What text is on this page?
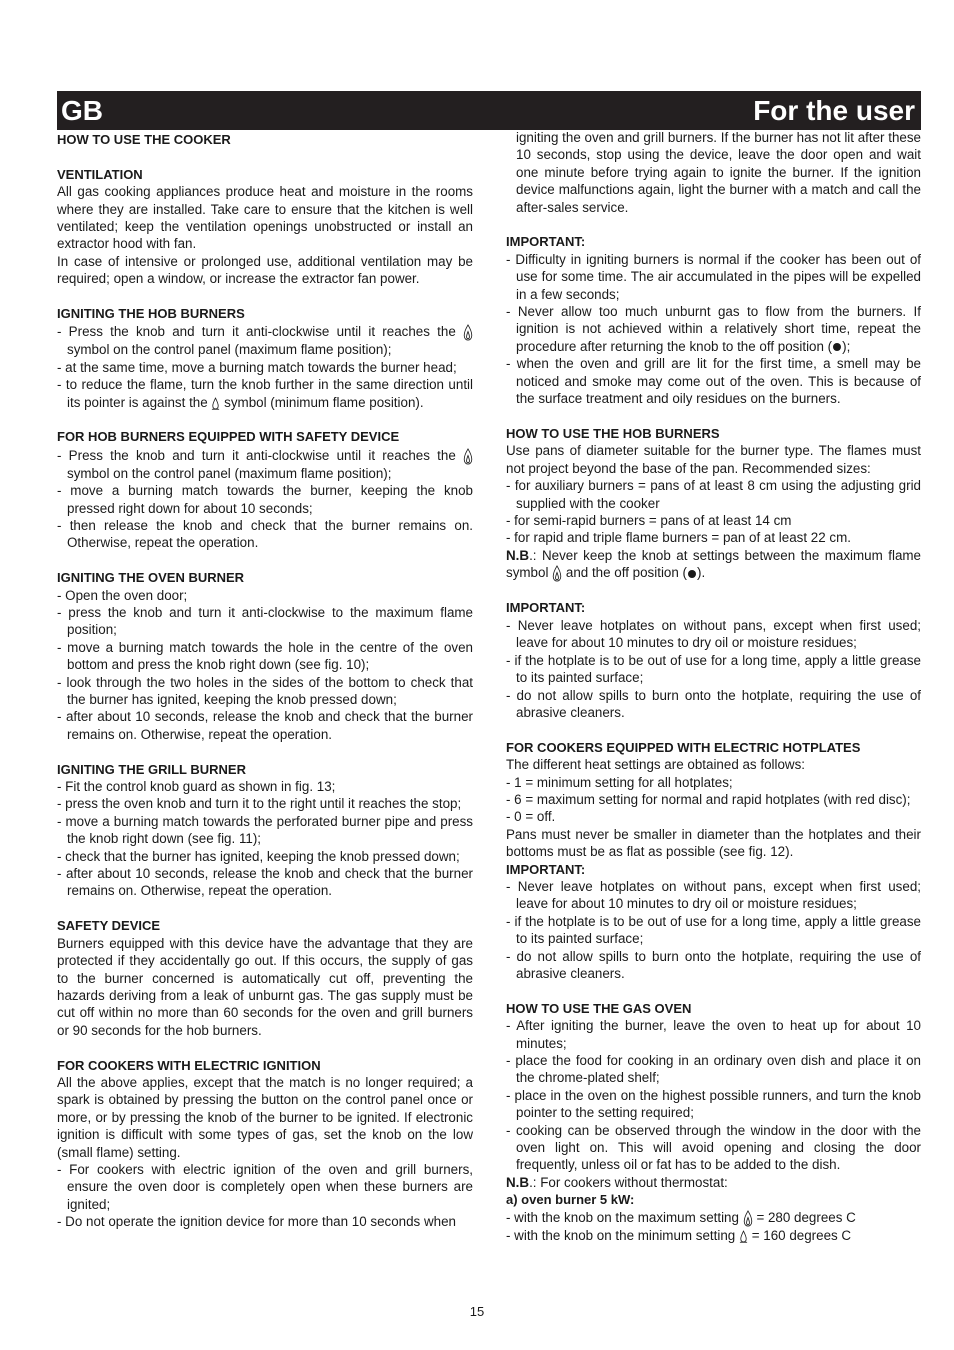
GB	For the user
HOW TO USE THE COOKER
VENTILATION

All gas cooking appliances produce heat and moisture in the rooms where they are installed. Take care to ensure that the kitchen is well ventilated; keep the ventilation openings unobstructed or install an extractor hood with fan.

In case of intensive or prolonged use, additional ventilation may be required; open a window, or increase the extractor fan power.

IGNITING THE HOB BURNERS
- Press the knob and turn it anti-clockwise until it reaches the  symbol on the control panel (maximum flame position);
- at the same time, move a burning match towards the burner head;
- to reduce the flame, turn the knob further in the same direction until its pointer is against the symbol (minimum flame position).
FOR HOB BURNERS EQUIPPED WITH SAFETY DEVICE
- Press the knob and turn it anti-clockwise until it reaches the  symbol on the control panel (maximum flame position);
- move a burning match towards the burner, keeping the knob pressed right down for about 10 seconds;
- then release the knob and check that the burner remains on. Otherwise, repeat the operation.
IGNITING THE OVEN BURNER
- Open the oven door;
- press the knob and turn it anti-clockwise to the maximum flame position;
- move a burning match towards the hole in the centre of the oven bottom and press the knob right down (see fig. 10);
- look through the two holes in the sides of the bottom to check that the burner has ignited, keeping the knob pressed down;
- after about 10 seconds, release the knob and check that the burner remains on. Otherwise, repeat the operation.
IGNITING THE GRILL BURNER
- Fit the control knob guard as shown in fig. 13;
- press the oven knob and turn it to the right until it reaches the stop;
- move a burning match towards the perforated burner pipe and press the knob right down (see fig. 11);
- check that the burner has ignited, keeping the knob pressed down;
- after about 10 seconds, release the knob and check that the burner remains on. Otherwise, repeat the operation.
SAFETY DEVICE

Burners equipped with this device have the advantage that they are protected if they accidentally go out. If this occurs, the supply of gas to the burner concerned is automatically cut off, preventing the hazards deriving from a leak of unburnt gas. The gas supply must be cut off within no more than 60 seconds for the oven and grill burners or 90 seconds for the hob burners.

FOR COOKERS WITH ELECTRIC IGNITION

All the above applies, except that the match is no longer required; a spark is obtained by pressing the button on the control panel once or more, or by pressing the knob of the burner to be ignited. If electronic ignition is difficult with some types of gas, set the knob on the low (small flame) setting.

- For cookers with electric ignition of the oven and grill burners, ensure the oven door is completely open when these burners are ignited;
- Do not operate the ignition device for more than 10 seconds when

igniting the oven and grill burners. If the burner has not lit after these 10 seconds, stop using the device, leave the door open and wait one minute before trying again to ignite the burner. If the ignition device malfunctions again, light the burner with a match and call the after-sales service.

IMPORTANT:
- Difficulty in igniting burners is normal if the cooker has been out of use for some time. The air accumulated in the pipes will be expelled in a few seconds;
- Never allow too much unburnt gas to flow from the burners. If ignition is not achieved within a relatively short time, repeat the procedure after returning the knob to the off position ( );
- when the oven and grill are lit for the first time, a smell may be noticed and smoke may come out of the oven. This is because of the surface treatment and oily residues on the burners.
HOW TO USE THE HOB BURNERS

Use pans of diameter suitable for the burner type. The flames must not project beyond the base of the pan. Recommended sizes:

- for auxiliary burners = pans of at least 8 cm using the adjusting grid supplied with the cooker
- for semi-rapid burners = pans of at least 14 cm
- for rapid and triple flame burners = pan of at least 22 cm.

N.B.: Never keep the knob at settings between the maximum flame symbol and the off position ( ).

IMPORTANT:
- Never leave hotplates on without pans, except when first used; leave for about 10 minutes to dry oil or moisture residues;
- if the hotplate is to be out of use for a long time, apply a little grease to its painted surface;
- do not allow spills to burn onto the hotplate, requiring the use of abrasive cleaners.
FOR COOKERS EQUIPPED WITH ELECTRIC HOTPLATES

The different heat settings are obtained as follows:

- 1 = minimum setting for all hotplates;
- 6 = maximum setting for normal and rapid hotplates (with red disc);
- 0 = off.

Pans must never be smaller in diameter than the hotplates and their bottoms must be as flat as possible (see fig. 12).

IMPORTANT:
- Never leave hotplates on without pans, except when first used; leave for about 10 minutes to dry oil or moisture residues;
- if the hotplate is to be out of use for a long time, apply a little grease to its painted surface;
- do not allow spills to burn onto the hotplate, requiring the use of abrasive cleaners.
HOW TO USE THE GAS OVEN
- After igniting the burner, leave the oven to heat up for about 10 minutes;
- place the food for cooking in an ordinary oven dish and place it on the chrome-plated shelf;
- place in the oven on the highest possible runners, and turn the knob pointer to the setting required;
- cooking can be observed through the window in the door with the oven light on. This will avoid opening and closing the door frequently, unless oil or fat has to be added to the dish.

N.B.: For cookers without thermostat:

a) oven burner 5 kW:
- with the knob on the maximum setting = 280 degrees C
- with the knob on the minimum setting = 160 degrees C
15
